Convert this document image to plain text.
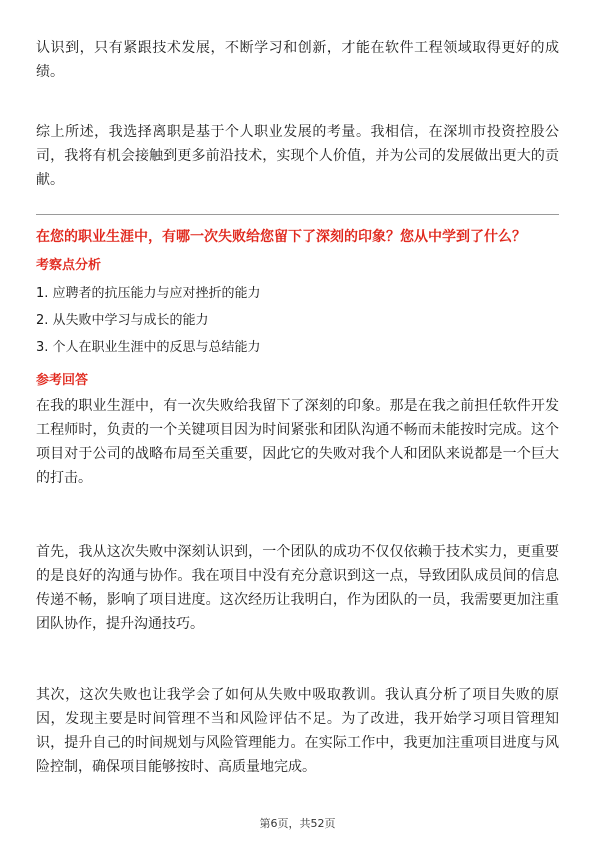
认识到，只有紧跟技术发展，不断学习和创新，才能在软件工程领域取得更好的成绩。

综上所述，我选择离职是基于个人职业发展的考量。我相信，在深圳市投资控股公司，我将有机会接触到更多前沿技术，实现个人价值，并为公司的发展做出更大的贡献。

在您的职业生涯中，有哪一次失败给您留下了深刻的印象？您从中学到了什么？

考察点分析

1. 应聘者的抗压能力与应对挫折的能力
2. 从失败中学习与成长的能力
3. 个人在职业生涯中的反思与总结能力

参考回答

在我的职业生涯中，有一次失败给我留下了深刻的印象。那是在我之前担任软件开发工程师时，负责的一个关键项目因为时间紧张和团队沟通不畅而未能按时完成。这个项目对于公司的战略布局至关重要，因此它的失败对我个人和团队来说都是一个巨大的打击。

首先，我从这次失败中深刻认识到，一个团队的成功不仅仅依赖于技术实力，更重要的是良好的沟通与协作。我在项目中没有充分意识到这一点，导致团队成员间的信息传递不畅，影响了项目进度。这次经历让我明白，作为团队的一员，我需要更加注重团队协作，提升沟通技巧。

其次，这次失败也让我学会了如何从失败中吸取教训。我认真分析了项目失败的原因，发现主要是时间管理不当和风险评估不足。为了改进，我开始学习项目管理知识，提升自己的时间规划与风险管理能力。在实际工作中，我更加注重项目进度与风险控制，确保项目能够按时、高质量地完成。

第6页，共52页
